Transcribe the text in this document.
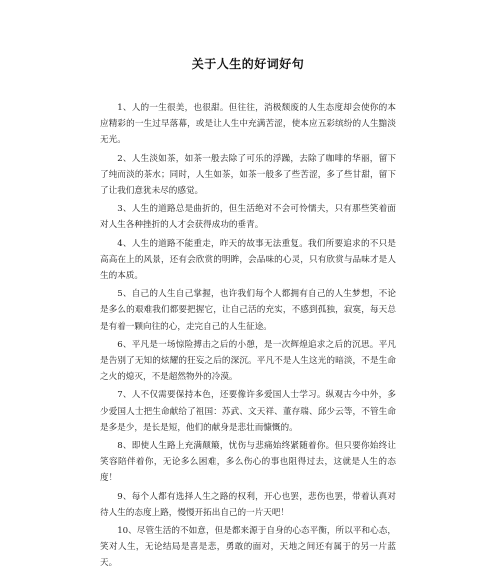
关于人生的好词好句

1、人的一生很美，也很甜。但往往，消极颓废的人生态度却会使你的本应精彩的一生过早落幕，或是让人生中充满苦涩，使本应五彩缤纷的人生黯淡无光。

2、人生淡如茶，如茶一般去除了可乐的浮躁，去除了咖啡的华丽，留下了纯而淡的茶水；同时，人生如茶，如茶一般多了些苦涩，多了些甘甜，留下了让我们意犹未尽的感觉。

3、人生的道路总是曲折的，但生活绝对不会可怜懦夫，只有那些笑着面对人生各种挫折的人才会获得成功的垂青。

4、人生的道路不能重走，昨天的故事无法重复。我们所要追求的不只是高高在上的风景，还有会欣赏的明眸，会品味的心灵，只有欣赏与品味才是人生的本质。

5、自己的人生自己掌握，也许我们每个人都拥有自己的人生梦想，不论是多么的艰难我们都要把握它，让自己活的充实，不感到孤独，寂寞，每天总是有着一颗向往的心，走完自己的人生征途。

6、平凡是一场惊险搏击之后的小憩，是一次辉煌追求之后的沉思。平凡是告别了无知的炫耀的狂妄之后的深沉。平凡不是人生这光的暗淡，不是生命之火的熄灭，不是超然物外的冷漠。

7、人不仅需要保持本色，还要像许多爱国人士学习。纵观古今中外，多少爱国人士把生命献给了祖国：苏武、文天祥、董存瑞、邱少云等，不管生命是多是少，是长是短，他们的献身是悲壮而慷慨的。

8、即使人生路上充满颠簸，忧伤与悲痛始终紧随着你。但只要你始终让笑容陪伴着你，无论多么困难，多么伤心的事也阻得过去，这就是人生的态度！

9、每个人都有选择人生之路的权利，开心也罢，悲伤也罢，带着认真对待人生的态度上路，慢慢开拓出自己的一片天吧！

10、尽管生活的不如意，但是都来源于自身的心态平衡，所以平和心态，笑对人生，无论结局是喜是悲，勇敢的面对，天地之间还有属于的另一片蓝天。
